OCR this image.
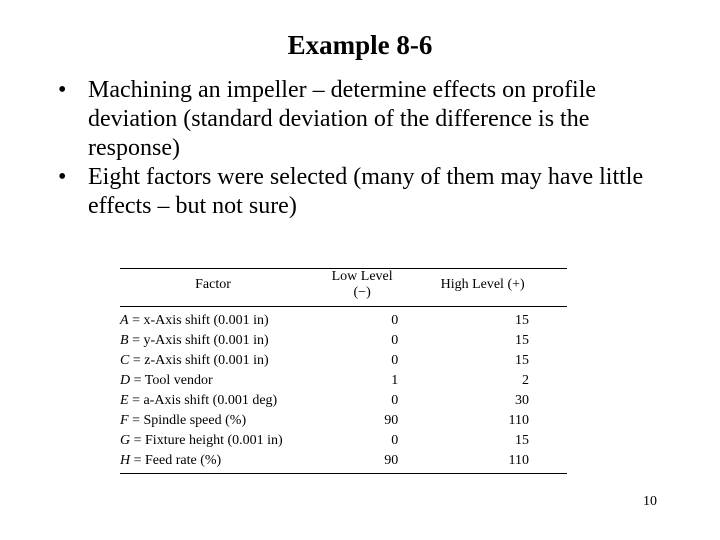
Example 8-6
• Machining an impeller – determine effects on profile deviation (standard deviation of the difference is the response)
• Eight factors were selected (many of them may have little effects – but not sure)
Factor	Low Level (−)	High Level (+)
A = x-Axis shift (0.001 in)	0	15
B = y-Axis shift (0.001 in)	0	15
C = z-Axis shift (0.001 in)	0	15
D = Tool vendor	1	2
E = a-Axis shift (0.001 deg)	0	30
F = Spindle speed (%)	90	110
G = Fixture height (0.001 in)	0	15
H = Feed rate (%)	90	110
10
